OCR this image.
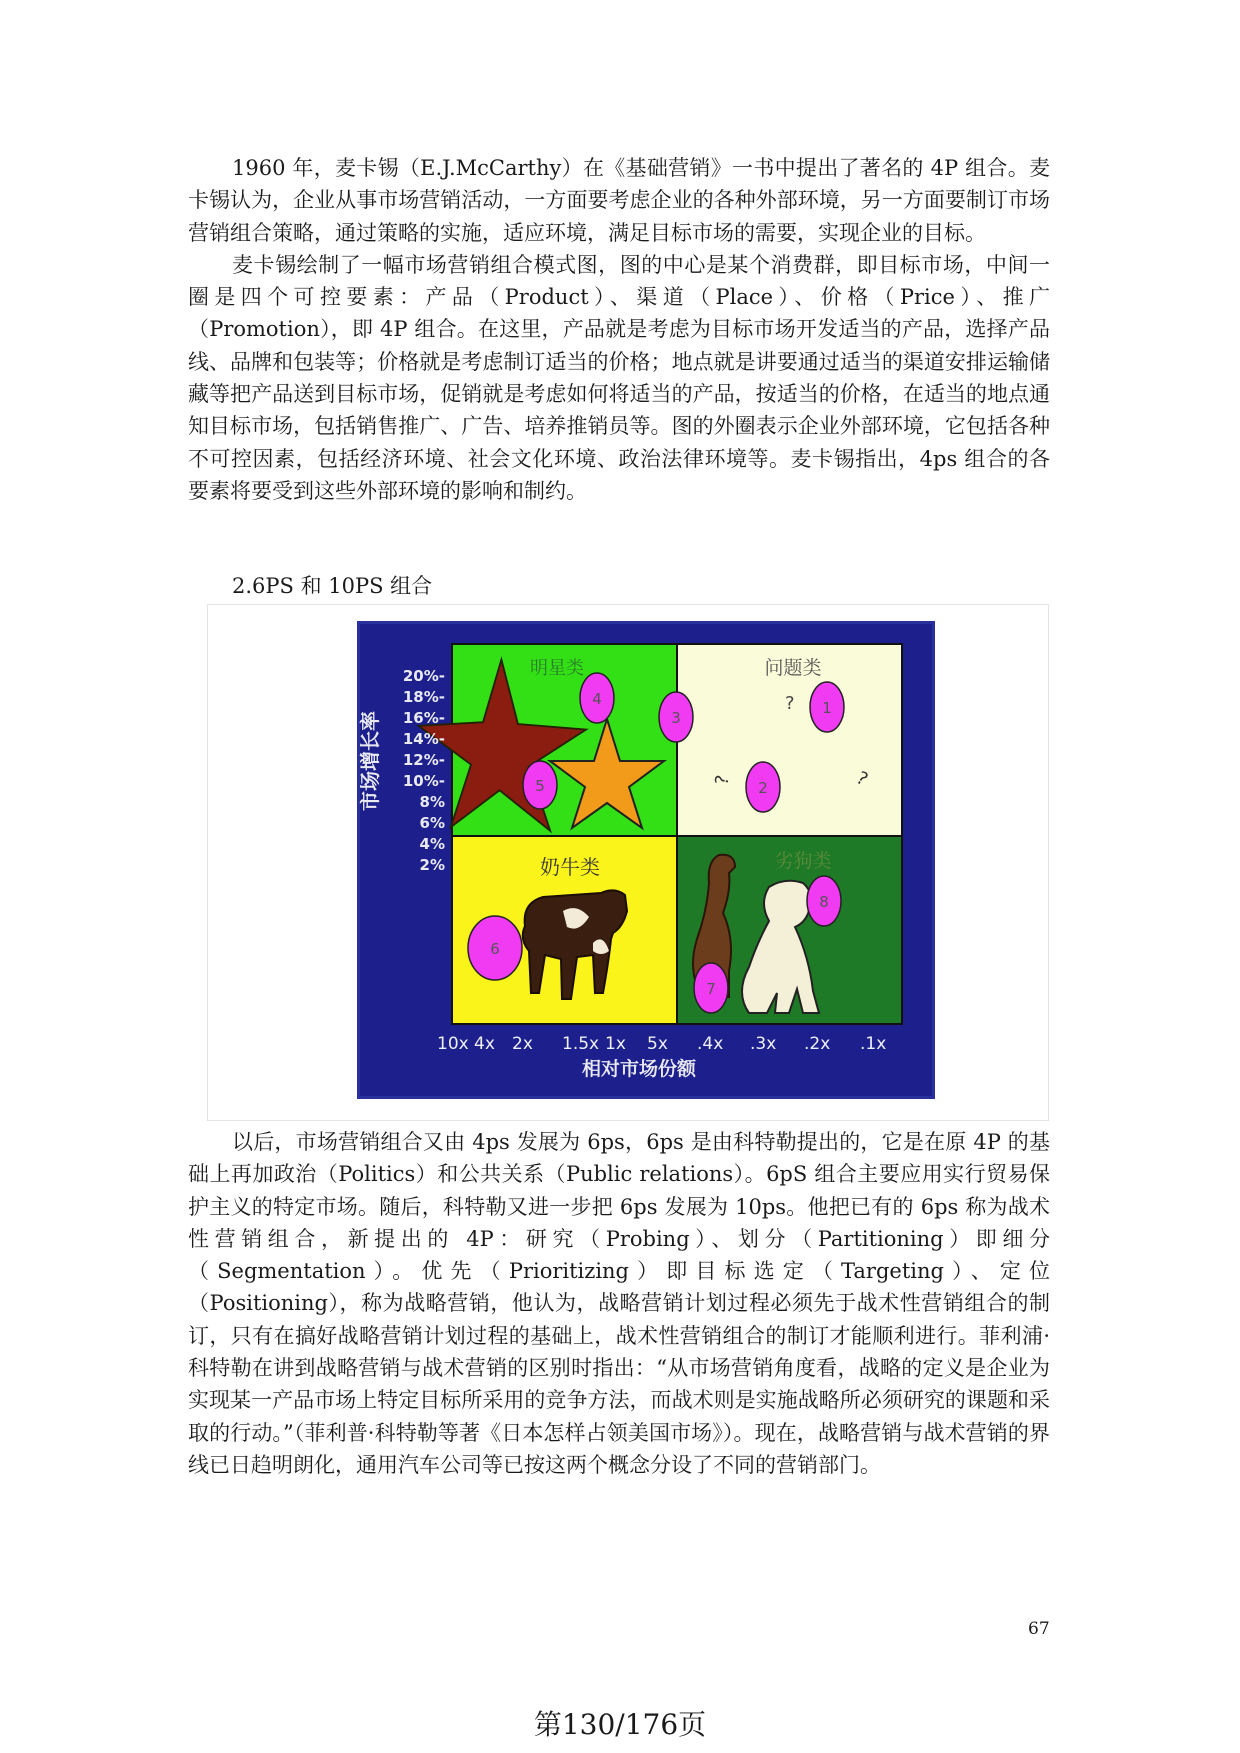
1960 年，麦卡锡（E.J.McCarthy）在《基础营销》一书中提出了著名的 4P 组合。麦卡锡认为，企业从事市场营销活动，一方面要考虑企业的各种外部环境，另一方面要制订市场营销组合策略，通过策略的实施，适应环境，满足目标市场的需要，实现企业的目标。

麦卡锡绘制了一幅市场营销组合模式图，图的中心是某个消费群，即目标市场，中间一圈是四个可控要素：产品（Product）、渠道（Place）、价格（Price）、推广（Promotion），即 4P 组合。在这里，产品就是考虑为目标市场开发适当的产品，选择产品线、品牌和包装等；价格就是考虑制订适当的价格；地点就是讲要通过适当的渠道安排运输储藏等把产品送到目标市场，促销就是考虑如何将适当的产品，按适当的价格，在适当的地点通知目标市场，包括销售推广、广告、培养推销员等。图的外圈表示企业外部环境，它包括各种不可控因素，包括经济环境、社会文化环境、政治法律环境等。麦卡锡指出，4ps 组合的各要素将要受到这些外部环境的影响和制约。

2.6PS 和 10PS 组合
明星类	问题类
奶牛类	劣狗类
?
?	?
4
5
3
1
2
8
6
7
市场增长率
相对市场份额
20%-
18%-
16%-
14%-
12%-
10%-
8%
6%
4%
2%
10x 4x 2x 1.5x 1x 5x .4x .3x .2x .1x

以后，市场营销组合又由 4ps 发展为 6ps，6ps 是由科特勒提出的，它是在原 4P 的基础上再加政治（Politics）和公共关系（Public relations）。6pS 组合主要应用实行贸易保护主义的特定市场。随后，科特勒又进一步把 6ps 发展为 10ps。他把已有的 6ps 称为战术性营销组合，新提出的 4P：研究（Probing）、划分（Partitioning）即细分（Segmentation）。优先（Prioritizing）即目标选定（Targeting）、定位（Positioning），称为战略营销，他认为，战略营销计划过程必须先于战术性营销组合的制订，只有在搞好战略营销计划过程的基础上，战术性营销组合的制订才能顺利进行。菲利浦·科特勒在讲到战略营销与战术营销的区别时指出：“从市场营销角度看，战略的定义是企业为实现某一产品市场上特定目标所采用的竞争方法，而战术则是实施战略所必须研究的课题和采取的行动。”（菲利普·科特勒等著《日本怎样占领美国市场》）。现在，战略营销与战术营销的界线已日趋明朗化，通用汽车公司等已按这两个概念分设了不同的营销部门。

67
第130/176页
